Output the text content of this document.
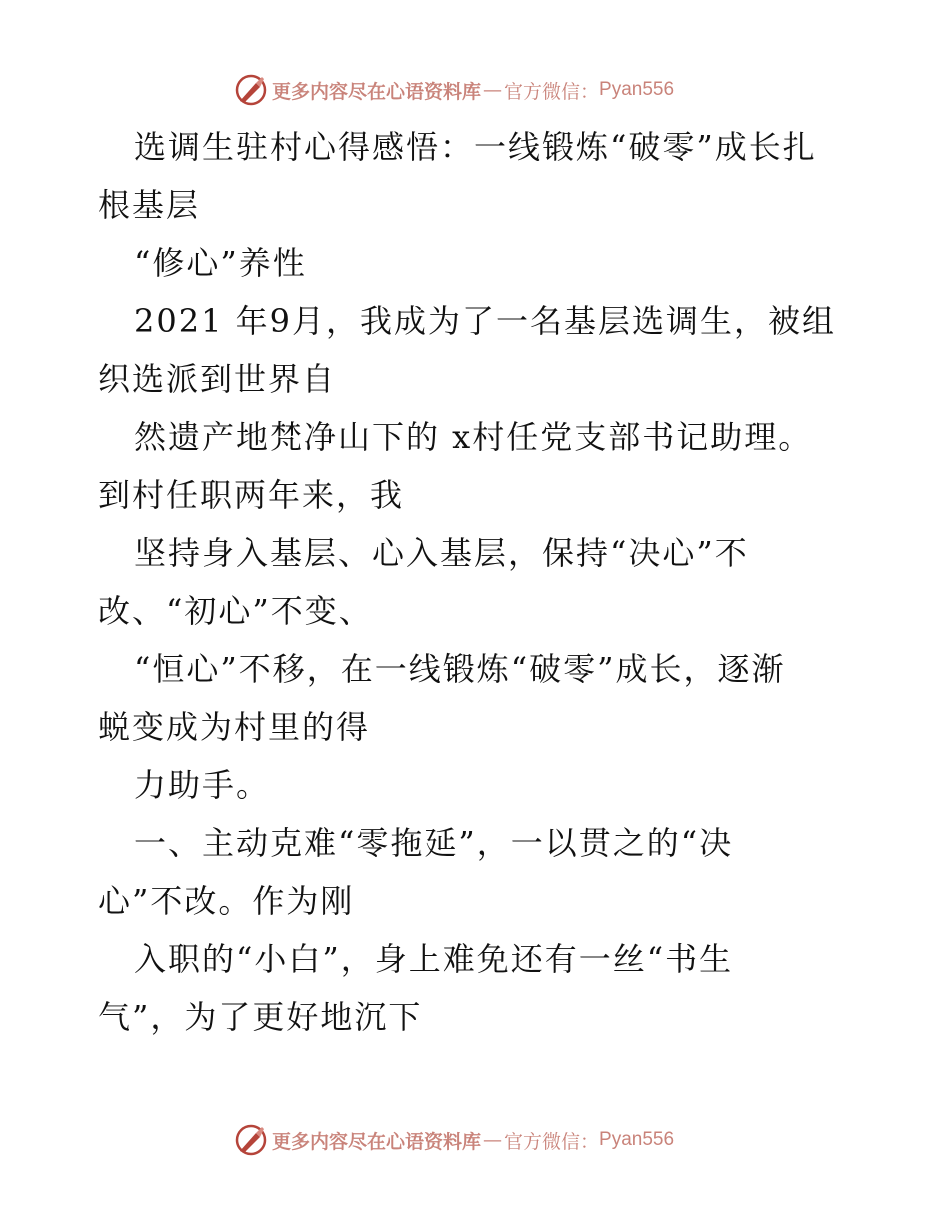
更多内容尽在心语资料库 — 官方微信： Pyan556
选调生驻村心得感悟：一线锻炼“破零”成长扎
根基层
“修心”养性
2021 年9月，我成为了一名基层选调生，被组
织选派到世界自
然遗产地梵净山下的 x村任党支部书记助理。
到村任职两年来，我
坚持身入基层、心入基层，保持“决心”不
改、“初心”不变、
“恒心”不移，在一线锻炼“破零”成长，逐渐
蜕变成为村里的得
力助手。
一、主动克难“零拖延”，一以贯之的“决
心”不改。作为刚
入职的“小白”，身上难免还有一丝“书生
气”，为了更好地沉下
更多内容尽在心语资料库 — 官方微信： Pyan556
